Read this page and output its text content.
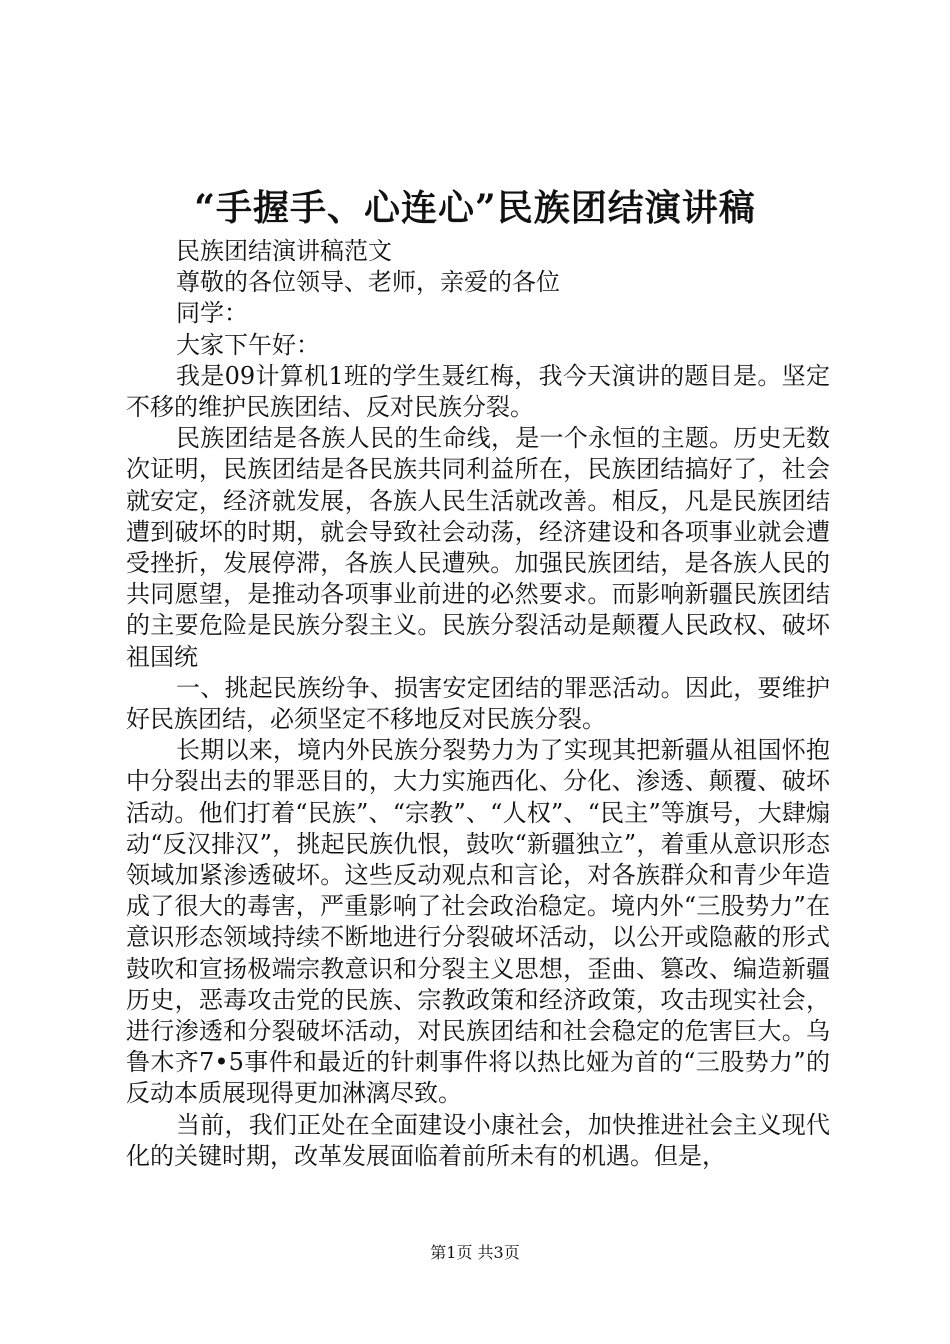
“手握手、心连心”民族团结演讲稿

民族团结演讲稿范文

尊敬的各位领导、老师，亲爱的各位

同学：

大家下午好：

我是09计算机1班的学生聂红梅，我今天演讲的题目是。坚定不移的维护民族团结、反对民族分裂。

民族团结是各族人民的生命线，是一个永恒的主题。历史无数次证明，民族团结是各民族共同利益所在，民族团结搞好了，社会就安定，经济就发展，各族人民生活就改善。相反，凡是民族团结遭到破坏的时期，就会导致社会动荡，经济建设和各项事业就会遭受挫折，发展停滞，各族人民遭殃。加强民族团结，是各族人民的共同愿望，是推动各项事业前进的必然要求。而影响新疆民族团结的主要危险是民族分裂主义。民族分裂活动是颠覆人民政权、破坏祖国统

一、挑起民族纷争、损害安定团结的罪恶活动。因此，要维护好民族团结，必须坚定不移地反对民族分裂。

长期以来，境内外民族分裂势力为了实现其把新疆从祖国怀抱中分裂出去的罪恶目的，大力实施西化、分化、渗透、颠覆、破坏活动。他们打着“民族”、“宗教”、“人权”、“民主”等旗号，大肆煽动“反汉排汉”，挑起民族仇恨，鼓吹“新疆独立”，着重从意识形态领域加紧渗透破坏。这些反动观点和言论，对各族群众和青少年造成了很大的毒害，严重影响了社会政治稳定。境内外“三股势力”在意识形态领域持续不断地进行分裂破坏活动，以公开或隐蔽的形式鼓吹和宣扬极端宗教意识和分裂主义思想，歪曲、篡改、编造新疆历史，恶毒攻击党的民族、宗教政策和经济政策，攻击现实社会，进行渗透和分裂破坏活动，对民族团结和社会稳定的危害巨大。乌鲁木齐7•5事件和最近的针刺事件将以热比娅为首的“三股势力”的反动本质展现得更加淋漓尽致。

当前，我们正处在全面建设小康社会，加快推进社会主义现代化的关键时期，改革发展面临着前所未有的机遇。但是，

第1页 共3页
